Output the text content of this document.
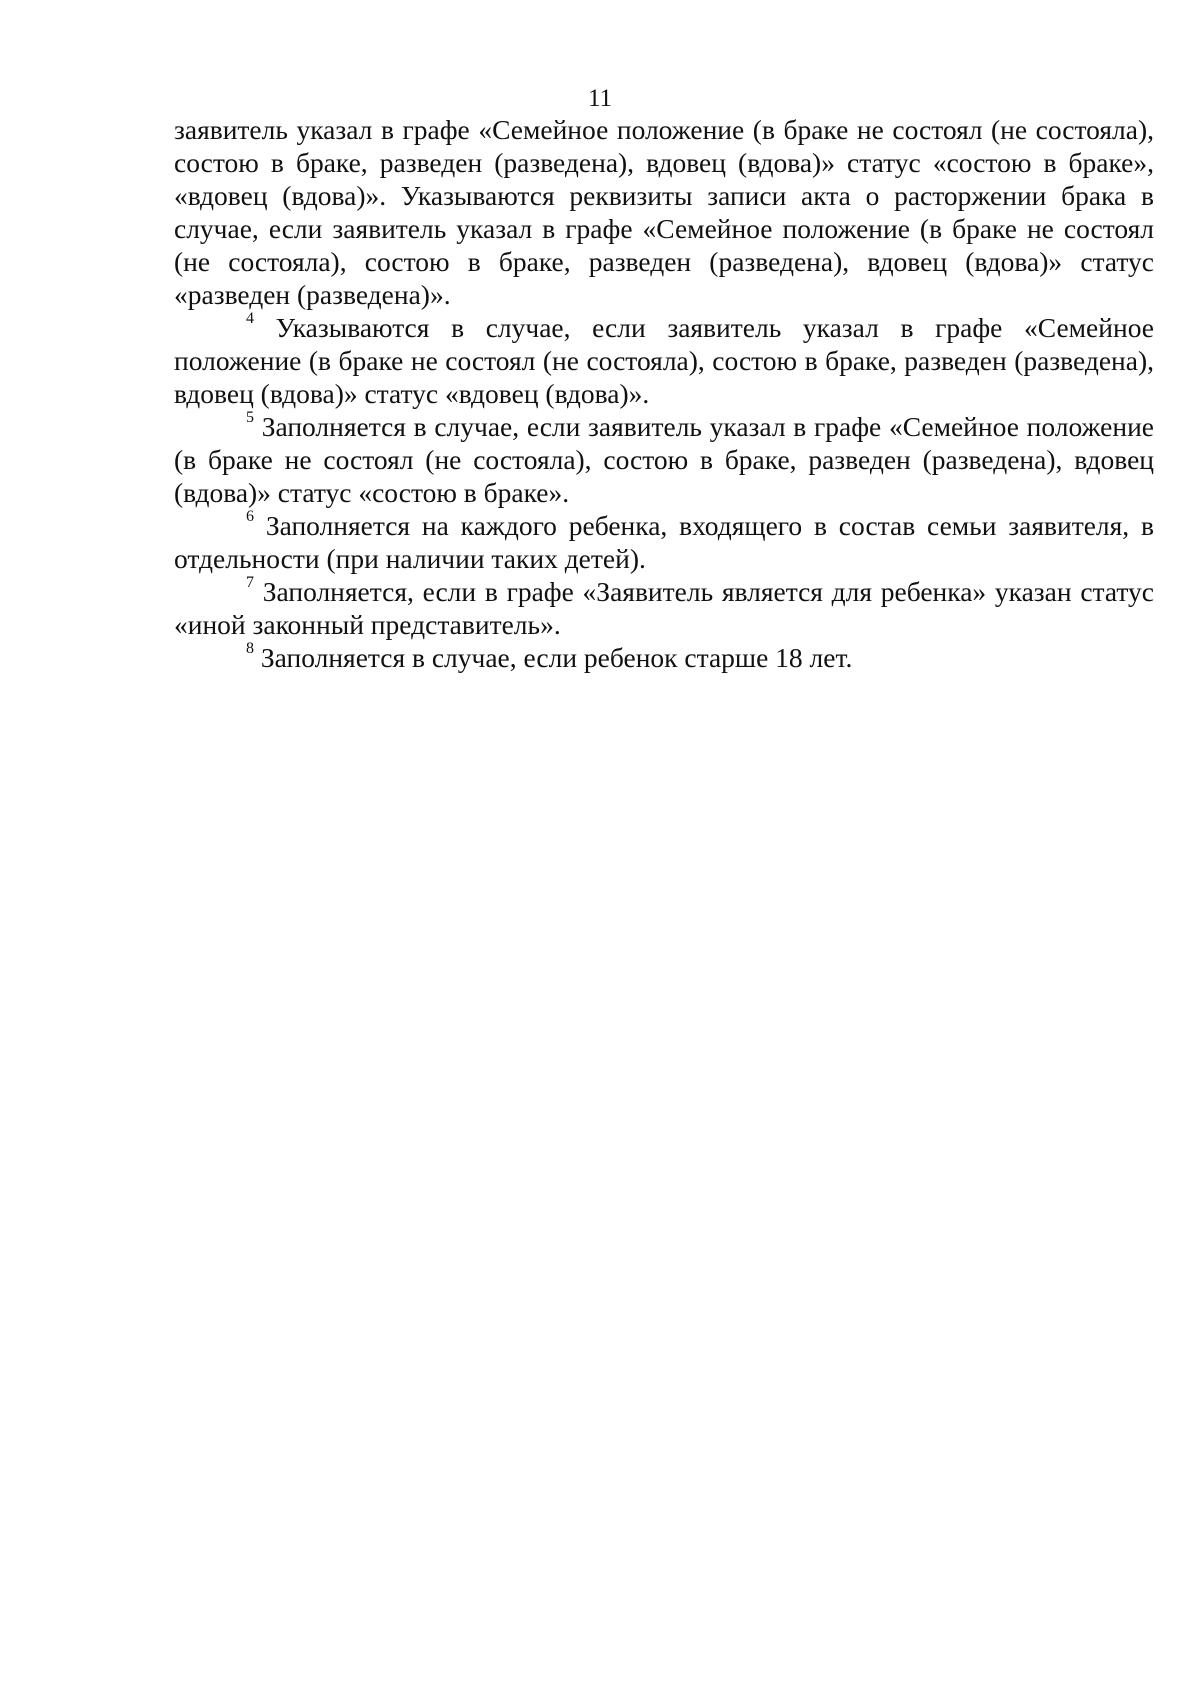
11

заявитель указал в графе «Семейное положение (в браке не состоял (не состояла), состою в браке, разведен (разведена), вдовец (вдова)» статус «состою в браке», «вдовец (вдова)». Указываются реквизиты записи акта о расторжении брака в случае, если заявитель указал в графе «Семейное положение (в браке не состоял (не состояла), состою в браке, разведен (разведена), вдовец (вдова)» статус «разведен (разведена)».

$^4$ Указываются в случае, если заявитель указал в графе «Семейное положение (в браке не состоял (не состояла), состою в браке, разведен (разведена), вдовец (вдова)» статус «вдовец (вдова)».

$^5$ Заполняется в случае, если заявитель указал в графе «Семейное положение (в браке не состоял (не состояла), состою в браке, разведен (разведена), вдовец (вдова)» статус «состою в браке».

$^6$ Заполняется на каждого ребенка, входящего в состав семьи заявителя, в отдельности (при наличии таких детей).

$^7$ Заполняется, если в графе «Заявитель является для ребенка» указан статус «иной законный представитель».

$^8$ Заполняется в случае, если ребенок старше 18 лет.
